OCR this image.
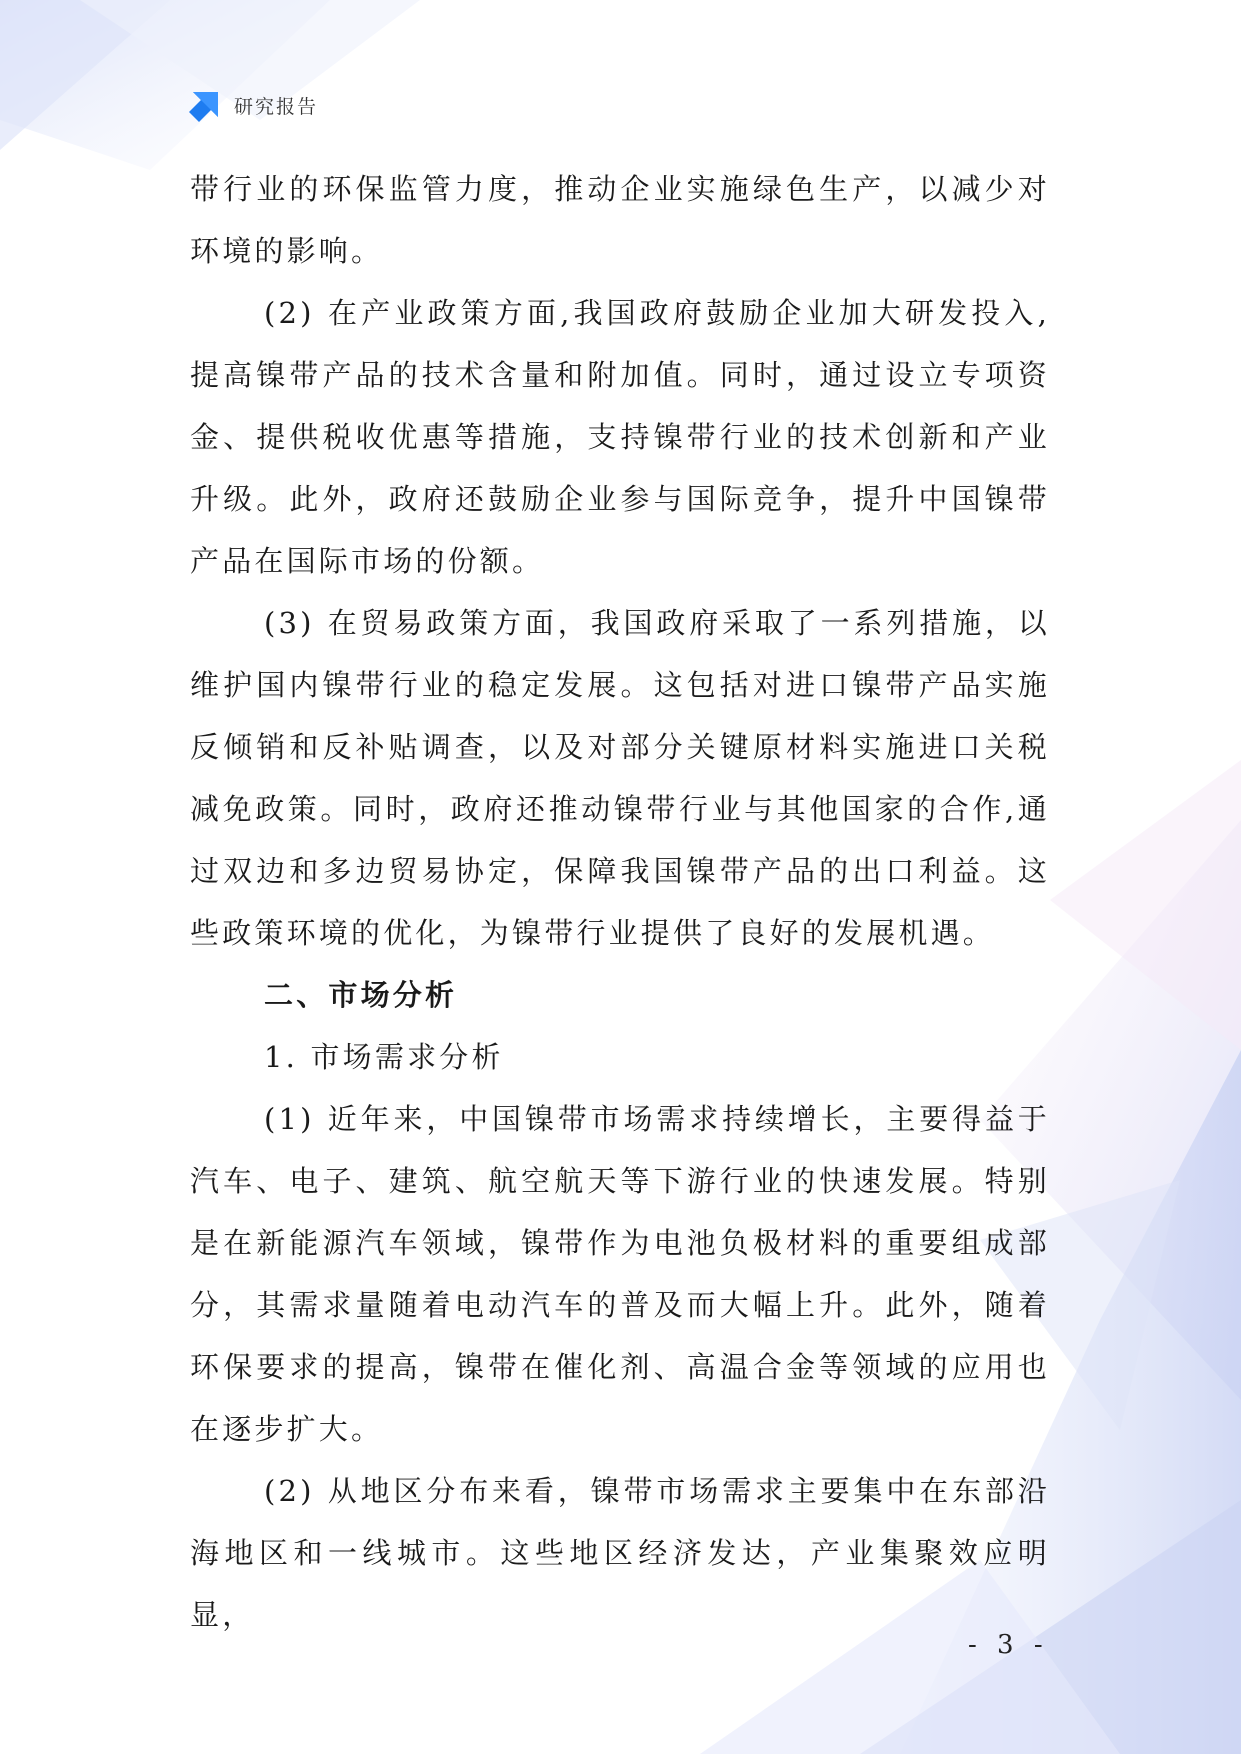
研究报告

带行业的环保监管力度，推动企业实施绿色生产，以减少对环境的影响。

(2) 在产业政策方面,我国政府鼓励企业加大研发投入,提高镍带产品的技术含量和附加值。同时，通过设立专项资金、提供税收优惠等措施，支持镍带行业的技术创新和产业升级。此外，政府还鼓励企业参与国际竞争，提升中国镍带产品在国际市场的份额。

(3) 在贸易政策方面，我国政府采取了一系列措施，以维护国内镍带行业的稳定发展。这包括对进口镍带产品实施反倾销和反补贴调查，以及对部分关键原材料实施进口关税减免政策。同时，政府还推动镍带行业与其他国家的合作,通过双边和多边贸易协定，保障我国镍带产品的出口利益。这些政策环境的优化，为镍带行业提供了良好的发展机遇。

二、市场分析

1. 市场需求分析

(1) 近年来，中国镍带市场需求持续增长，主要得益于汽车、电子、建筑、航空航天等下游行业的快速发展。特别是在新能源汽车领域，镍带作为电池负极材料的重要组成部分，其需求量随着电动汽车的普及而大幅上升。此外，随着环保要求的提高，镍带在催化剂、高温合金等领域的应用也在逐步扩大。

(2) 从地区分布来看，镍带市场需求主要集中在东部沿海地区和一线城市。这些地区经济发达，产业集聚效应明显，

- 3 -
